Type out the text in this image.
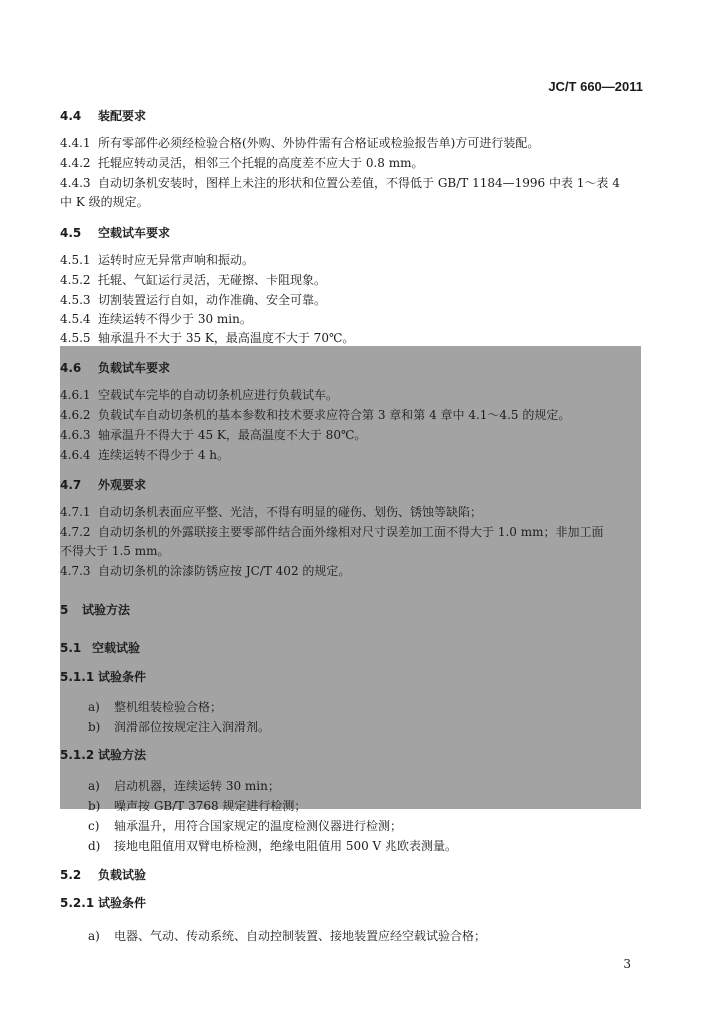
JC/T 660—2011
4.4 装配要求
4.4.1 所有零部件必须经检验合格(外购、外协件需有合格证或检验报告单)方可进行装配。
4.4.2 托辊应转动灵活，相邻三个托辊的高度差不应大于 0.8 mm。
4.4.3 自动切条机安装时，图样上未注的形状和位置公差值，不得低于 GB/T 1184—1996 中表 1～表 4
中 K 级的规定。
4.5 空载试车要求
4.5.1 运转时应无异常声响和振动。
4.5.2 托辊、气缸运行灵活，无碰擦、卡阻现象。
4.5.3 切割装置运行自如，动作准确、安全可靠。
4.5.4 连续运转不得少于 30 min。
4.5.5 轴承温升不大于 35 K，最高温度不大于 70℃。
4.6 负载试车要求
4.6.1 空载试车完毕的自动切条机应进行负载试车。
4.6.2 负载试车自动切条机的基本参数和技术要求应符合第 3 章和第 4 章中 4.1～4.5 的规定。
4.6.3 轴承温升不得大于 45 K，最高温度不大于 80℃。
4.6.4 连续运转不得少于 4 h。
4.7 外观要求
4.7.1 自动切条机表面应平整、光洁，不得有明显的碰伤、划伤、锈蚀等缺陷；
4.7.2 自动切条机的外露联接主要零部件结合面外缘相对尺寸误差加工面不得大于 1.0 mm；非加工面
不得大于 1.5 mm。
4.7.3 自动切条机的涂漆防锈应按 JC/T 402 的规定。
5 试验方法
5.1 空载试验
5.1.1 试验条件
a) 整机组装检验合格；
b) 润滑部位按规定注入润滑剂。
5.1.2 试验方法
a) 启动机器，连续运转 30 min；
b) 噪声按 GB/T 3768 规定进行检测；
c) 轴承温升，用符合国家规定的温度检测仪器进行检测；
d) 接地电阻值用双臂电桥检测，绝缘电阻值用 500 V 兆欧表测量。
5.2 负载试验
5.2.1 试验条件
a) 电器、气动、传动系统、自动控制装置、接地装置应经空载试验合格；
3
